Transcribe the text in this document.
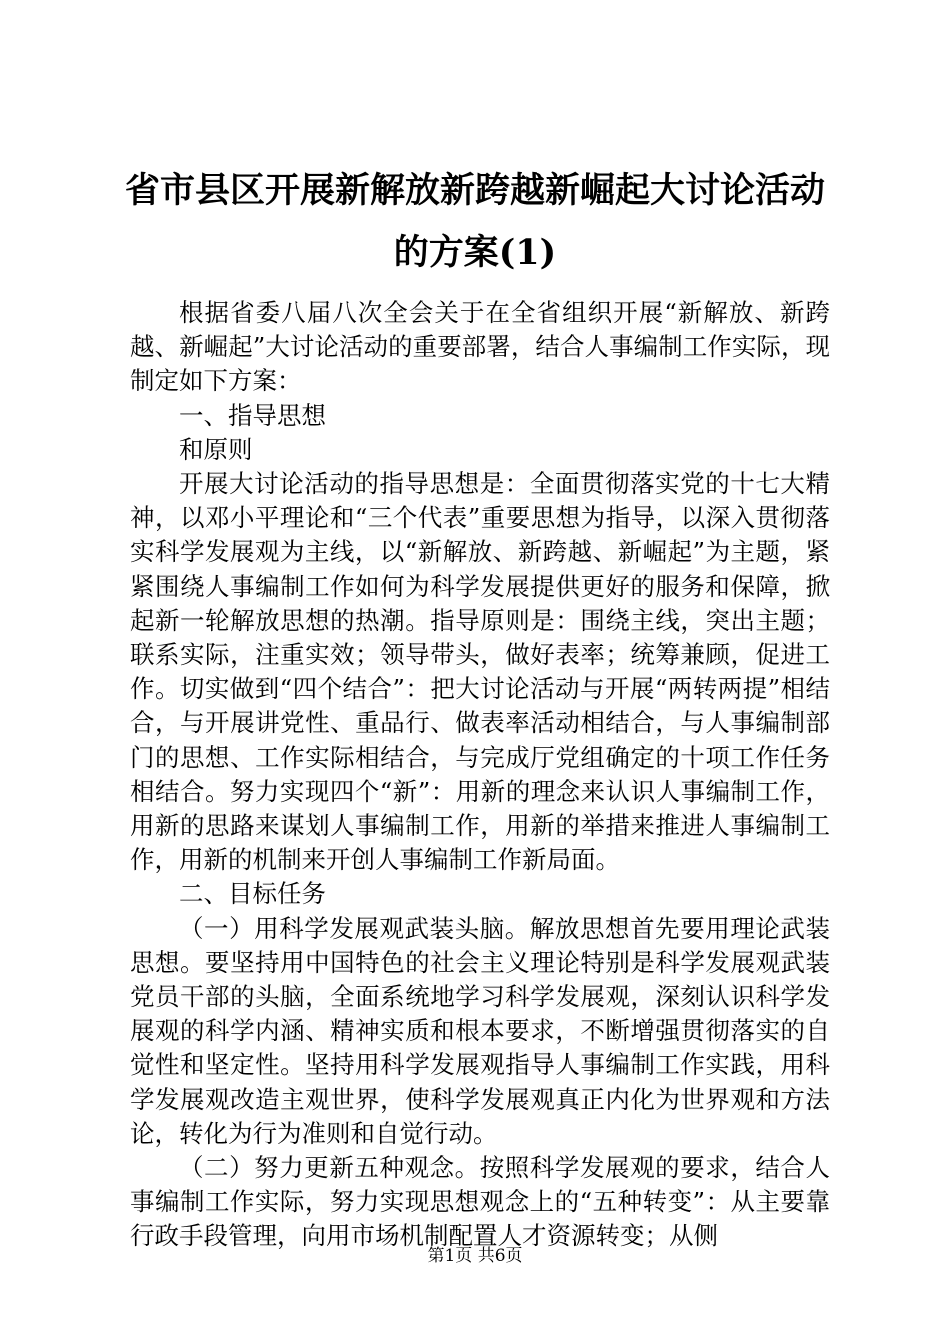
省市县区开展新解放新跨越新崛起大讨论活动的方案(1)

根据省委八届八次全会关于在全省组织开展“新解放、新跨越、新崛起”大讨论活动的重要部署，结合人事编制工作实际，现制定如下方案：

一、指导思想

和原则

开展大讨论活动的指导思想是：全面贯彻落实党的十七大精神，以邓小平理论和“三个代表”重要思想为指导，以深入贯彻落实科学发展观为主线，以“新解放、新跨越、新崛起”为主题，紧紧围绕人事编制工作如何为科学发展提供更好的服务和保障，掀起新一轮解放思想的热潮。指导原则是：围绕主线，突出主题；联系实际，注重实效；领导带头，做好表率；统筹兼顾，促进工作。切实做到“四个结合”：把大讨论活动与开展“两转两提”相结合，与开展讲党性、重品行、做表率活动相结合，与人事编制部门的思想、工作实际相结合，与完成厅党组确定的十项工作任务相结合。努力实现四个“新”：用新的理念来认识人事编制工作，用新的思路来谋划人事编制工作，用新的举措来推进人事编制工作，用新的机制来开创人事编制工作新局面。

二、目标任务

（一）用科学发展观武装头脑。解放思想首先要用理论武装思想。要坚持用中国特色的社会主义理论特别是科学发展观武装党员干部的头脑，全面系统地学习科学发展观，深刻认识科学发展观的科学内涵、精神实质和根本要求，不断增强贯彻落实的自觉性和坚定性。坚持用科学发展观指导人事编制工作实践，用科学发展观改造主观世界，使科学发展观真正内化为世界观和方法论，转化为行为准则和自觉行动。

（二）努力更新五种观念。按照科学发展观的要求，结合人事编制工作实际，努力实现思想观念上的“五种转变”：从主要靠行政手段管理，向用市场机制配置人才资源转变；从侧

第1页 共6页
